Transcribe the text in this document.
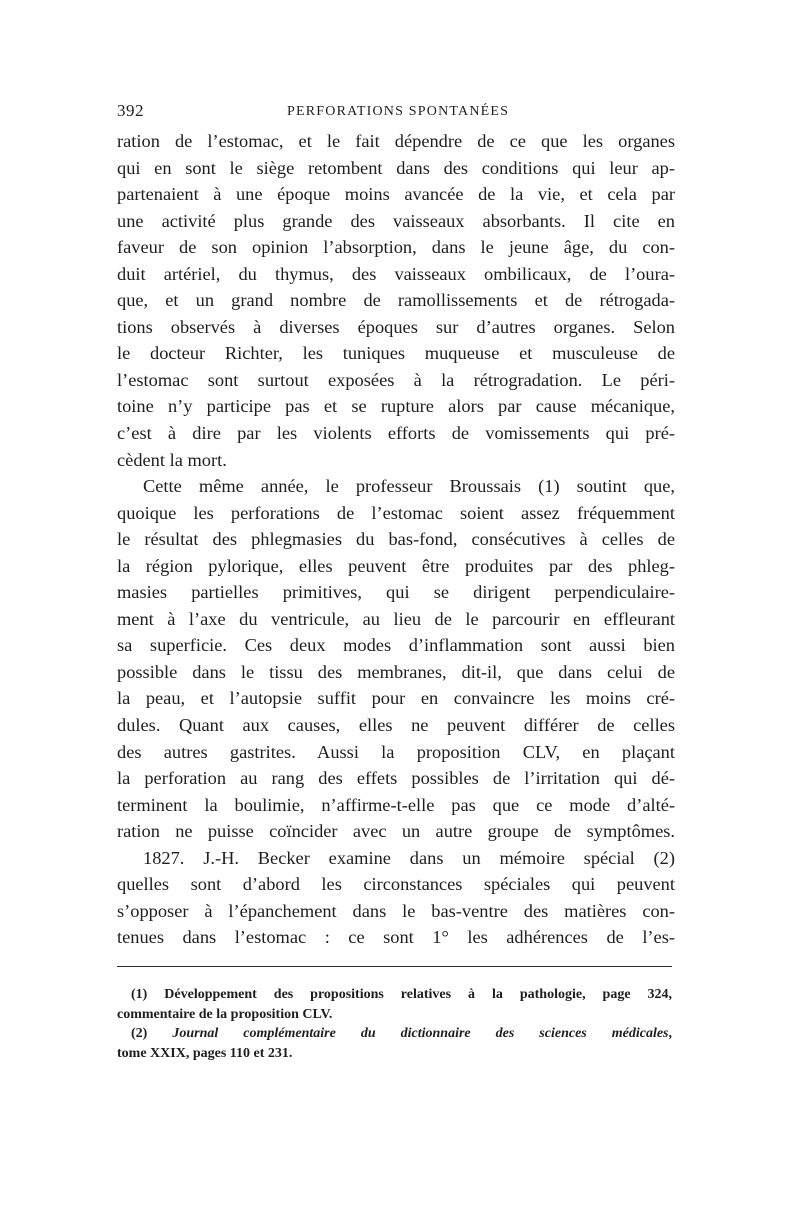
392	PERFORATIONS SPONTANÉES
ration de l’estomac, et le fait dépendre de ce que les organes
qui en sont le siège retombent dans des conditions qui leur ap-
partenaient à une époque moins avancée de la vie, et cela par
une activité plus grande des vaisseaux absorbants. Il cite en
faveur de son opinion l’absorption, dans le jeune âge, du con-
duit artériel, du thymus, des vaisseaux ombilicaux, de l’oura-
que, et un grand nombre de ramollissements et de rétrogada-
tions observés à diverses époques sur d’autres organes. Selon
le docteur Richter, les tuniques muqueuse et musculeuse de
l’estomac sont surtout exposées à la rétrogradation. Le péri-
toine n’y participe pas et se rupture alors par cause mécanique,
c’est à dire par les violents efforts de vomissements qui pré-
cèdent la mort.
Cette même année, le professeur Broussais (1) soutint que,
quoique les perforations de l’estomac soient assez fréquemment
le résultat des phlegmasies du bas-fond, consécutives à celles de
la région pylorique, elles peuvent être produites par des phleg-
masies partielles primitives, qui se dirigent perpendiculaire-
ment à l’axe du ventricule, au lieu de le parcourir en effleurant
sa superficie. Ces deux modes d’inflammation sont aussi bien
possible dans le tissu des membranes, dit-il, que dans celui de
la peau, et l’autopsie suffit pour en convaincre les moins cré-
dules. Quant aux causes, elles ne peuvent différer de celles
des autres gastrites. Aussi la proposition CLV, en plaçant
la perforation au rang des effets possibles de l’irritation qui dé-
terminent la boulimie, n’affirme-t-elle pas que ce mode d’alté-
ration ne puisse coïncider avec un autre groupe de symptômes.
1827. J.-H. Becker examine dans un mémoire spécial (2)
quelles sont d’abord les circonstances spéciales qui peuvent
s’opposer à l’épanchement dans le bas-ventre des matières con-
tenues dans l’estomac : ce sont 1° les adhérences de l’es-
(1) Développement des propositions relatives à la pathologie, page 324,
commentaire de la proposition CLV.
(2) Journal complémentaire du dictionnaire des sciences médicales,
tome XXIX, pages 110 et 231.
